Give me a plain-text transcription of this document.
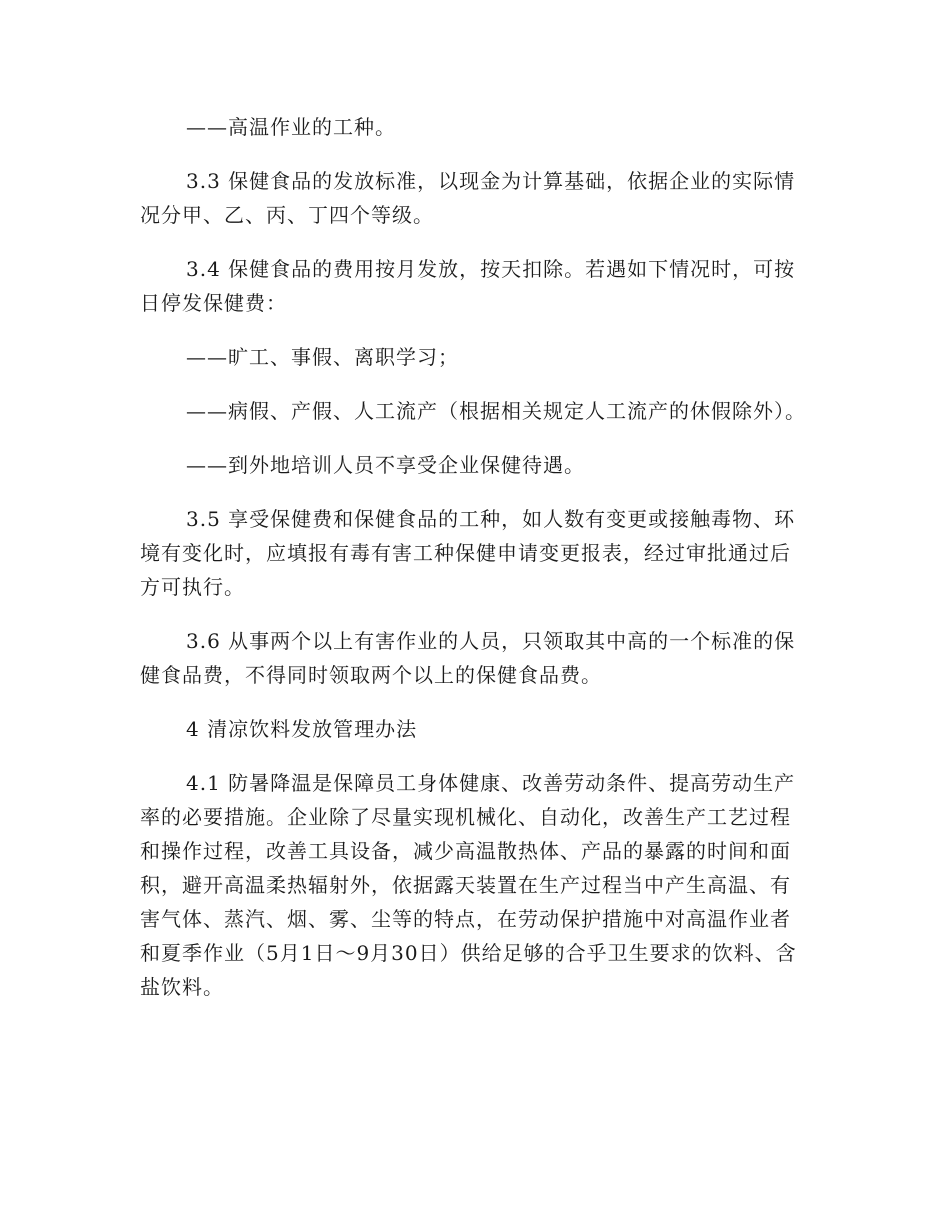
——高温作业的工种。

3.3 保健食品的发放标准，以现金为计算基础，依据企业的实际情况分甲、乙、丙、丁四个等级。

3.4 保健食品的费用按月发放，按天扣除。若遇如下情况时，可按日停发保健费：

——旷工、事假、离职学习；

——病假、产假、人工流产（根据相关规定人工流产的休假除外）。

——到外地培训人员不享受企业保健待遇。

3.5 享受保健费和保健食品的工种，如人数有变更或接触毒物、环境有变化时，应填报有毒有害工种保健申请变更报表，经过审批通过后方可执行。

3.6 从事两个以上有害作业的人员，只领取其中高的一个标准的保健食品费，不得同时领取两个以上的保健食品费。

4 清凉饮料发放管理办法

4.1 防暑降温是保障员工身体健康、改善劳动条件、提高劳动生产率的必要措施。企业除了尽量实现机械化、自动化，改善生产工艺过程和操作过程，改善工具设备，减少高温散热体、产品的暴露的时间和面积，避开高温柔热辐射外，依据露天装置在生产过程当中产生高温、有害气体、蒸汽、烟、雾、尘等的特点，在劳动保护措施中对高温作业者和夏季作业（5月1日～9月30日）供给足够的合乎卫生要求的饮料、含盐饮料。
